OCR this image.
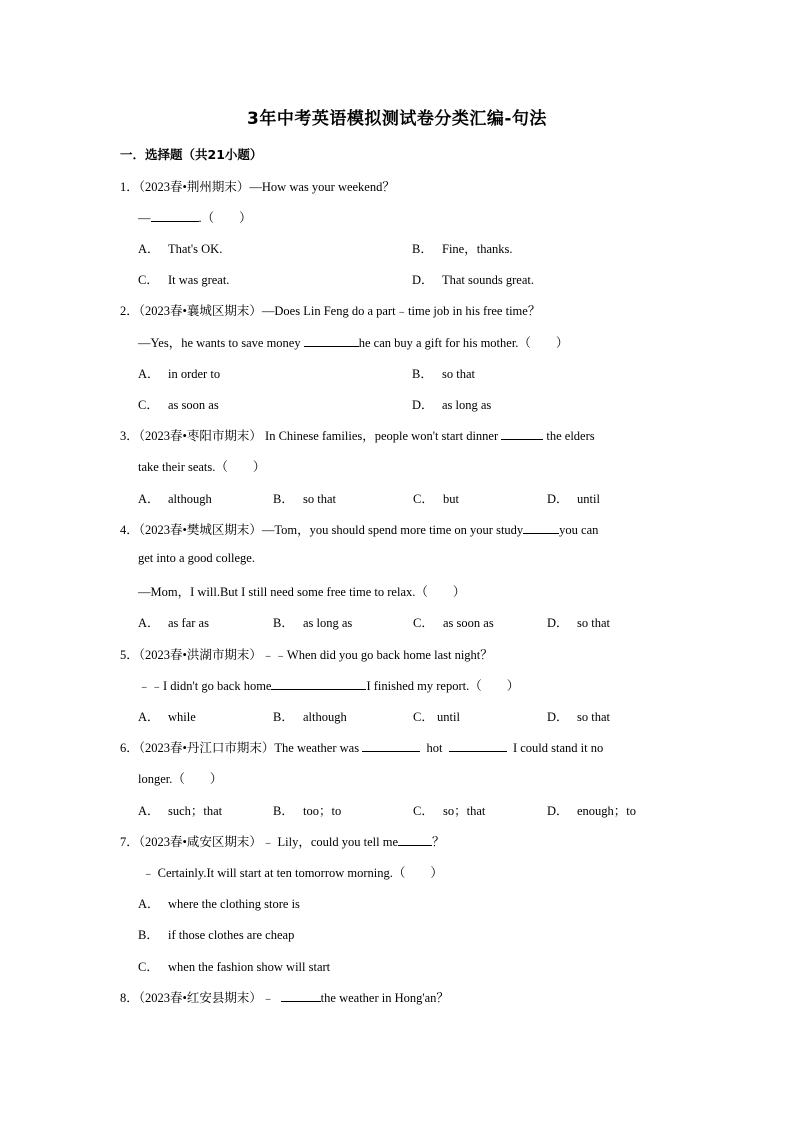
3年中考英语模拟测试卷分类汇编-句法
一．选择题（共21小题）
1．（2023春•荆州期末）—How was your weekend？
—	.（　　）
A． That's OK.	B． Fine，thanks.
C． It was great.	D． That sounds great.
2．（2023春•襄城区期末）—Does Lin Feng do a part﹣time job in his free time？
—Yes，he wants to save money	he can buy a gift for his mother.（　　）
A． in order to	B． so that
C． as soon as	D． as long as
3．（2023春•枣阳市期末） In Chinese families，people won't start dinner	the elders
take their seats.（　　）
A． although	B． so that	C． but	D． until
4．（2023春•樊城区期末）—Tom，you should spend more time on your study	you can
get into a good college.
—Mom，I will.But I still need some free time to relax.（　　）
A． as far as	B． as long as	C． as soon as	D． so that
5．（2023春•洪湖市期末）﹣﹣When did you go back home last night？
﹣﹣I didn't go back home	I finished my report.（　　）
A． while	B． although	C． until	D． so that
6．（2023春•丹江口市期末）The weather was	hot	I could stand it no
longer.（　　）
A． such；that	B． too；to	C． so；that	D． enough；to
7．（2023春•咸安区期末）﹣ Lily，could you tell me	？
﹣ Certainly.It will start at ten tomorrow morning.（　　）
A． where the clothing store is
B． if those clothes are cheap
C． when the fashion show will start
8．（2023春•红安县期末）﹣	the weather in Hong'an？
